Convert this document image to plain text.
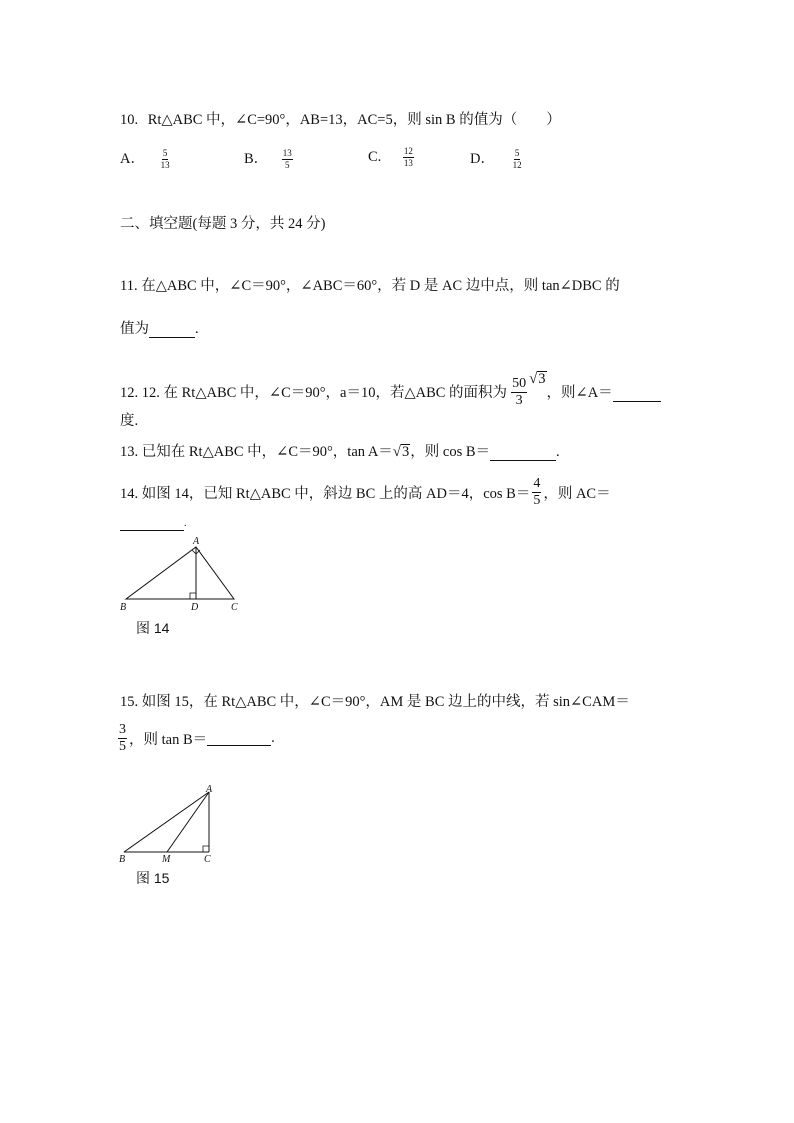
10. Rt△ABC 中，∠C=90°，AB=13，AC=5，则 sin B 的值为（　　）
A． $\frac{5}{13}$	B． $\frac{13}{5}$	C. $\frac{12}{13}$	D． $\frac{5}{12}$
二、填空题(每题 3 分，共 24 分)
11. 在△ABC 中，∠C＝90°，∠ABC＝60°，若 D 是 AC 边中点，则 tan∠DBC 的
值为	.
12. 12. 在 Rt△ABC 中，∠C＝90°，a＝10，若△ABC 的面积为 $\frac{50}{3}$ √ 3
，则∠A＝
度.
13. 已知在 Rt△ABC 中，∠C＝90°，tan A＝ √ 3 ，则 cos B＝	.
14. 如图 14，已知 Rt△ABC 中，斜边 BC 上的高 AD＝4，$\cos B= \frac{4}{5}$ ，则 AC＝
.
A
B	D	C
图 14
15. 如图 15，在 Rt△ABC 中，∠C＝90°，AM 是 BC 边上的中线，若 sin∠CAM＝
$\frac{3}{5}$ ，则 tan B＝	.
A
B	M	C
图 15
